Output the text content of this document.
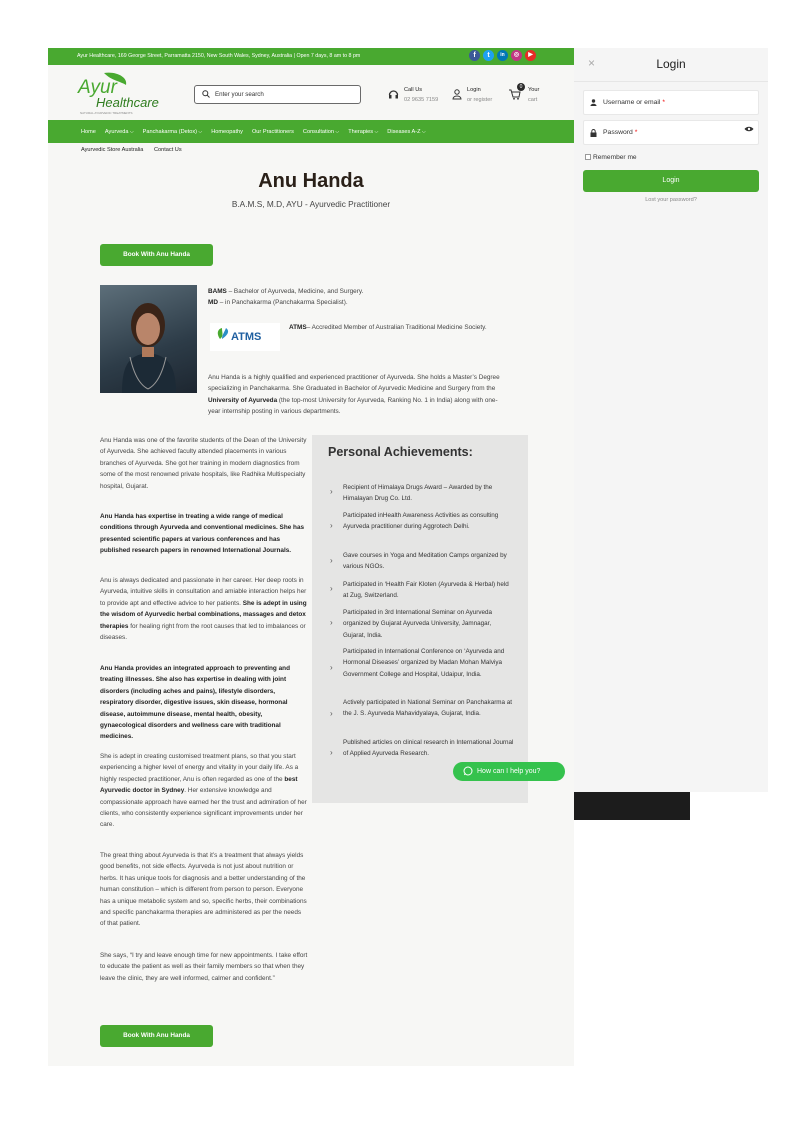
Ayur Healthcare, 169 George Street, Parramatta 2150, New South Wales, Sydney, Australia | Open 7 days, 8 am to 8 pm	f	t	in	◎	▶
Ayur
Healthcare
NATURAL AYURVEDIC TREATMENTS
Enter your search
Call Us
02 9635 7159
Login
or register
0	Your
cart
Home Ayurveda ⌵	Panchakarma (Detox) ⌵	Homeopathy Our Practitioners Consultation ⌵	Therapies ⌵	Diseases A-Z ⌵
Ayurvedic Store Australia Contact Us
Anu Handa
B.A.M.S, M.D, AYU - Ayurvedic Practitioner
Book With Anu Handa
BAMS – Bachelor of Ayurveda, Medicine, and Surgery.
MD – in Panchakarma (Panchakarma Specialist).
ATMS
ATMS– Accredited Member of Australian Traditional Medicine Society.
Anu Handa is a highly qualified and experienced practitioner of Ayurveda. She holds a Master’s Degree specializing in Panchakarma. She Graduated in Bachelor of Ayurvedic Medicine and Surgery from the University of Ayurveda (the top-most University for Ayurveda, Ranking No. 1 in India) along with one-year internship posting in various departments.
Anu Handa was one of the favorite students of the Dean of the University of Ayurveda. She achieved faculty attended placements in various branches of Ayurveda. She got her training in modern diagnostics from some of the most renowned private hospitals, like Radhika Multispecialty hospital, Gujarat.
Anu Handa has expertise in treating a wide range of medical conditions through Ayurveda and conventional medicines. She has presented scientific papers at various conferences and has published research papers in renowned International Journals.
Anu is always dedicated and passionate in her career. Her deep roots in Ayurveda, intuitive skills in consultation and amiable interaction helps her to provide apt and effective advice to her patients. She is adept in using the wisdom of Ayurvedic herbal combinations, massages and detox therapies for healing right from the root causes that led to imbalances or diseases.
Anu Handa provides an integrated approach to preventing and treating illnesses. She also has expertise in dealing with joint disorders (including aches and pains), lifestyle disorders, respiratory disorder, digestive issues, skin disease, hormonal disease, autoimmune disease, mental health, obesity, gynaecological disorders and wellness care with traditional medicines.
She is adept in creating customised treatment plans, so that you start experiencing a higher level of energy and vitality in your daily life. As a highly respected practitioner, Anu is often regarded as one of the best Ayurvedic doctor in Sydney. Her extensive knowledge and compassionate approach have earned her the trust and admiration of her clients, who consistently experience significant improvements under her care.
The great thing about Ayurveda is that it’s a treatment that always yields good benefits, not side effects. Ayurveda is not just about nutrition or herbs. It has unique tools for diagnosis and a better understanding of the human constitution – which is different from person to person. Everyone has a unique metabolic system and so, specific herbs, their combinations and specific panchakarma therapies are administered as per the needs of that patient.
She says, “I try and leave enough time for new appointments. I take effort to educate the patient as well as their family members so that when they leave the clinic, they are well informed, calmer and confident.”
Personal Achievements:
› Recipient of Himalaya Drugs Award – Awarded by the Himalayan Drug Co. Ltd.
›
Participated inHealth Awareness Activities as consulting Ayurveda practitioner during Aggrotech Delhi.
›
Gave courses in Yoga and Meditation Camps organized by various NGOs.
› Participated in ‘Health Fair Kloten (Ayurveda & Herbal) held at Zug, Switzerland.
›
Participated in 3rd International Seminar on Ayurveda organized by Gujarat Ayurveda University, Jamnagar, Gujarat, India.
›
Participated in International Conference on ‘Ayurveda and Hormonal Diseases’ organized by Madan Mohan Malviya Government College and Hospital, Udaipur, India.
›
Actively participated in National Seminar on Panchakarma at the J. S. Ayurveda Mahavidyalaya, Gujarat, India.
›
Published articles on clinical research in International Journal of Applied Ayurveda Research.
How can I help you?
Book With Anu Handa
×	Login
Username or email *
Password *
Remember me
Login
Lost your password?
